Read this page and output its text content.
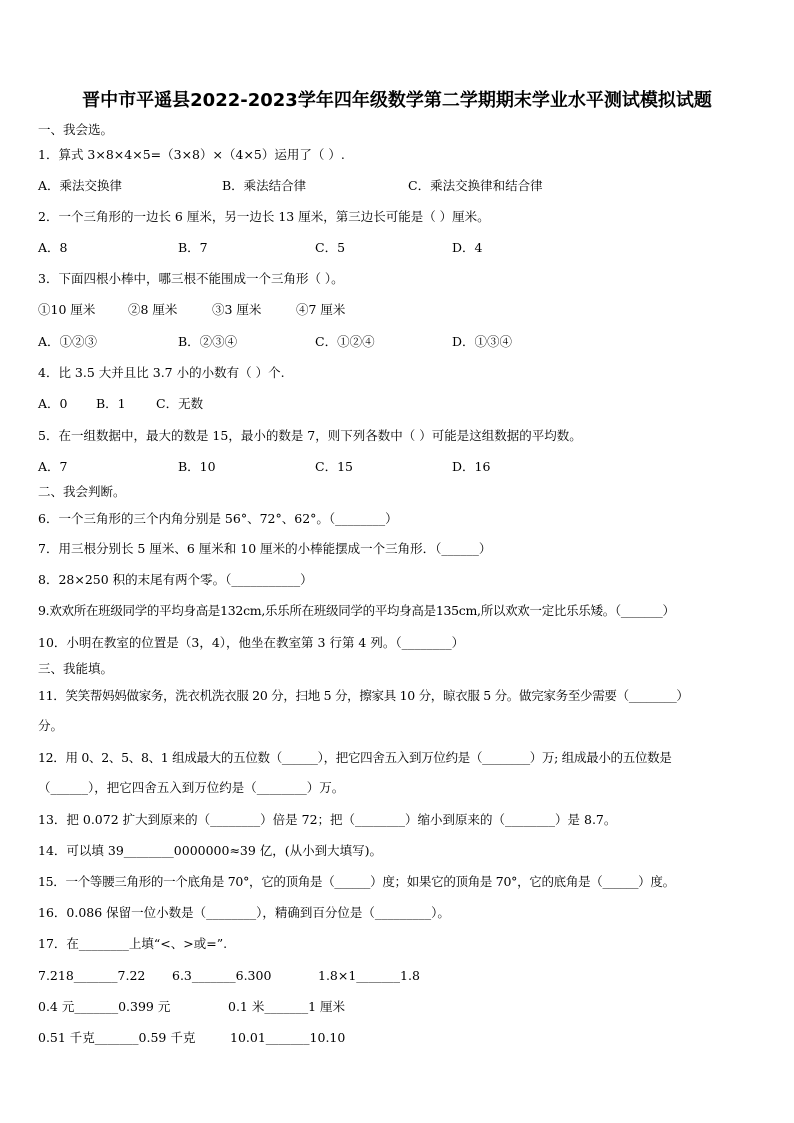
晋中市平遥县2022-2023学年四年级数学第二学期期末学业水平测试模拟试题
一、我会选。
1．算式 3×8×4×5=（3×8）×（4×5）运用了（ ）.
A．乘法交换律	B．乘法结合律	C．乘法交换律和结合律
2．一个三角形的一边长 6 厘米，另一边长 13 厘米，第三边长可能是（ ）厘米。
A．8	B．7	C．5	D．4
3．下面四根小棒中，哪三根不能围成一个三角形（ ）。
①10 厘米	②8 厘米	③3 厘米	④7 厘米
A．①②③	B．②③④	C．①②④	D．①③④
4．比 3.5 大并且比 3.7 小的小数有（ ）个.
A．0 B．1 C．无数
5．在一组数据中，最大的数是 15，最小的数是 7，则下列各数中（ ）可能是这组数据的平均数。
A．7	B．10	C．15	D．16
二、我会判断。
6．一个三角形的三个内角分别是 56°、72°、62°。（________）
7．用三根分别长 5 厘米、6 厘米和 10 厘米的小棒能摆成一个三角形．（______）
8．28×250 积的末尾有两个零。（___________）
9.欢欢所在班级同学的平均身高是132cm,乐乐所在班级同学的平均身高是135cm,所以欢欢一定比乐乐矮。（_______）
10．小明在教室的位置是（3，4），他坐在教室第 3 行第 4 列。（________）
三、我能填。
11．笑笑帮妈妈做家务，洗衣机洗衣服 20 分，扫地 5 分，擦家具 10 分，晾衣服 5 分。做完家务至少需要（________）
分。
12．用 0、2、5、8、1 组成最大的五位数（______），把它四舍五入到万位约是（________）万; 组成最小的五位数是
（______），把它四舍五入到万位约是（________）万。
13．把 0.072 扩大到原来的（________）倍是 72；把（________）缩小到原来的（________）是 8.7。
14．可以填 39________0000000≈39 亿，(从小到大填写)。
15．一个等腰三角形的一个底角是 70°，它的顶角是（______）度；如果它的顶角是 70°，它的底角是（______）度。
16．0.086 保留一位小数是（________），精确到百分位是（_________）。
17．在________上填“<、>或=”.
7.218_______7.22 6.3_______6.300	1.8×1_______1.8
0.4 元_______0.399 元	0.1 米_______1 厘米
0.51 千克_______0.59 千克	10.01_______10.10
